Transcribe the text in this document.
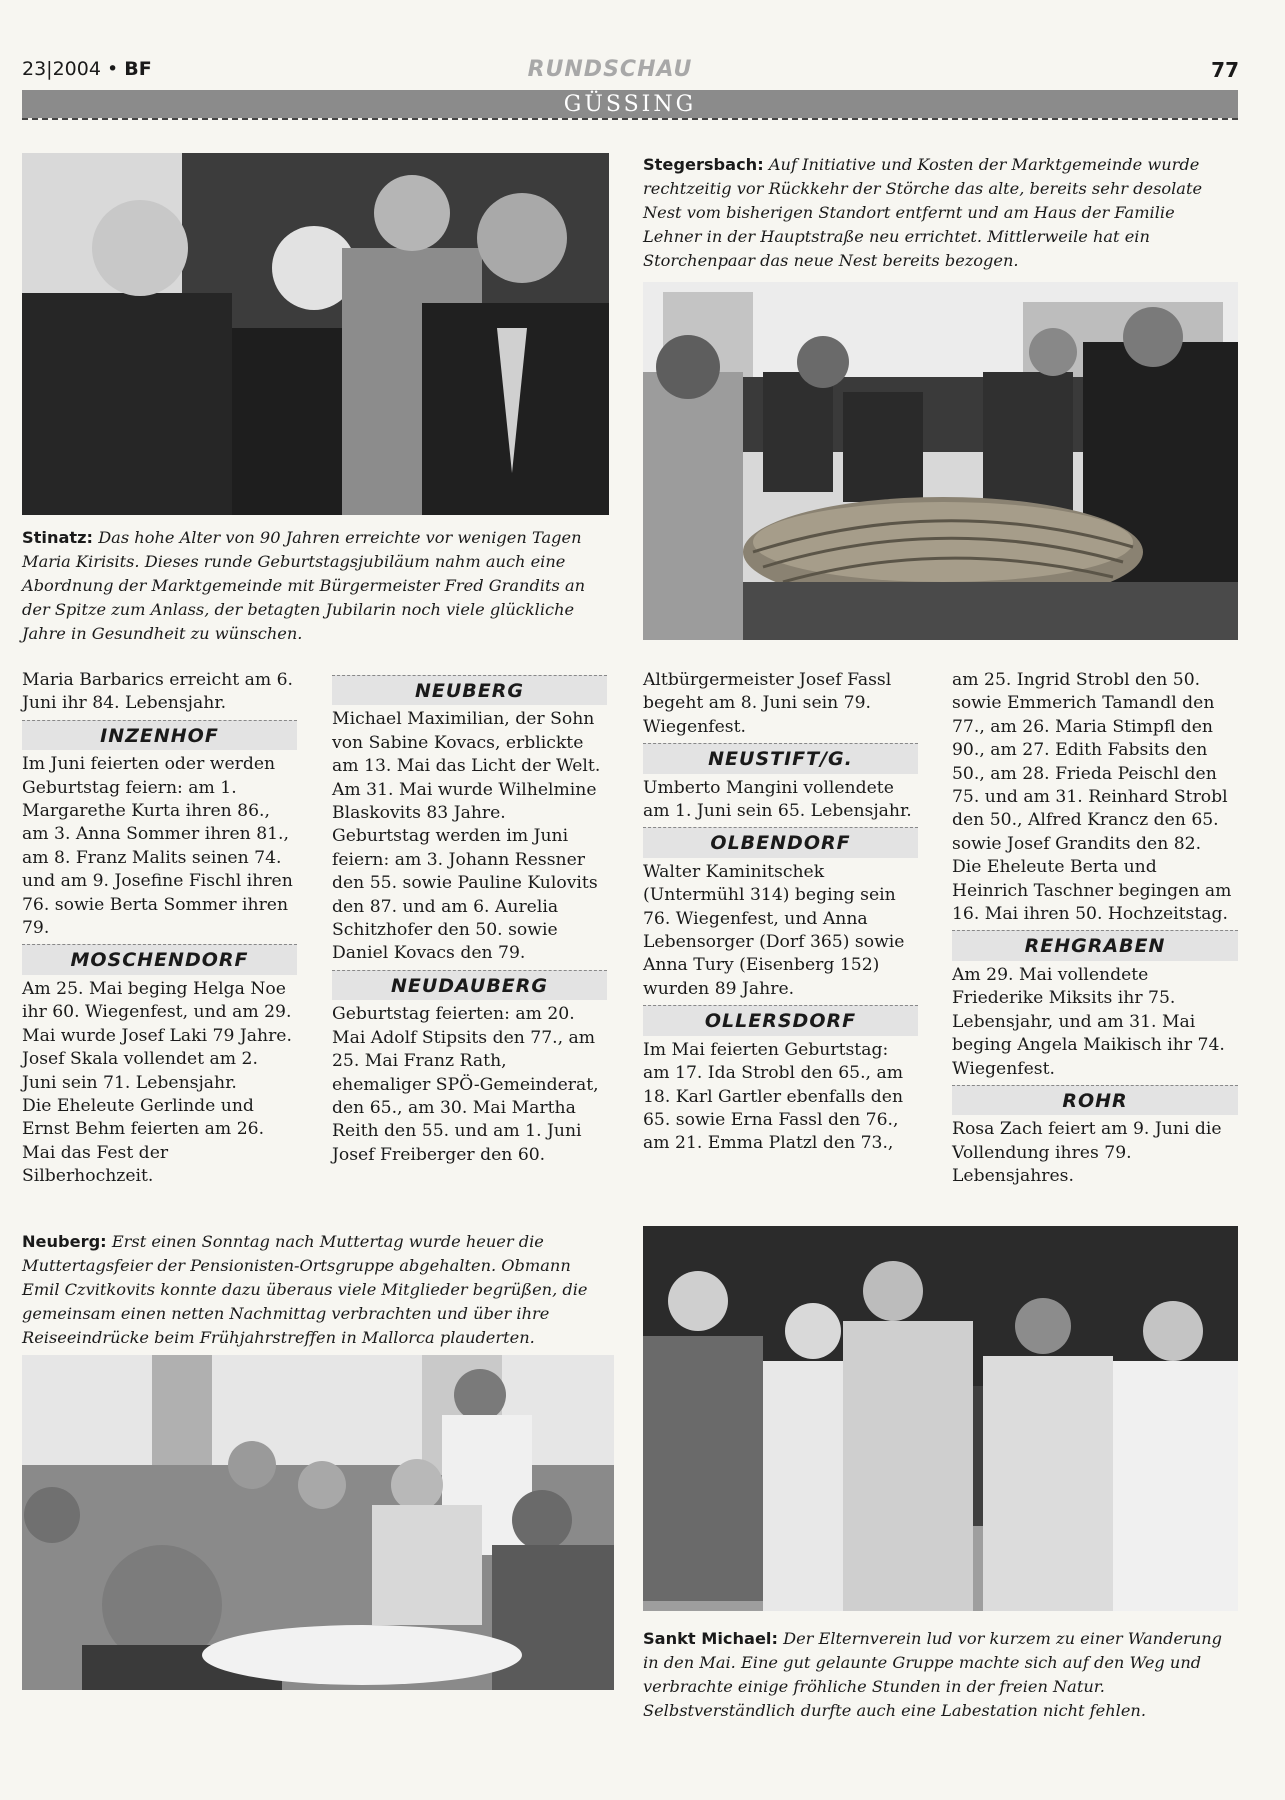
23|2004 • BF	RUNDSCHAU	77
GÜSSING
Stinatz: Das hohe Alter von 90 Jahren erreichte vor wenigen Tagen Maria Kirisits. Dieses runde Geburtstagsjubiläum nahm auch eine Abordnung der Marktgemeinde mit Bürgermeister Fred Grandits an der Spitze zum Anlass, der betagten Jubilarin noch viele glückliche Jahre in Gesundheit zu wünschen.
Stegersbach: Auf Initiative und Kosten der Marktgemeinde wurde rechtzeitig vor Rückkehr der Störche das alte, bereits sehr desolate Nest vom bisherigen Standort entfernt und am Haus der Familie Lehner in der Hauptstraße neu errichtet. Mittlerweile hat ein Storchenpaar das neue Nest bereits bezogen.

Maria Barbarics erreicht am 6. Juni ihr 84. Lebensjahr.

INZENHOF

Im Juni feierten oder werden Geburtstag feiern: am 1. Margarethe Kurta ihren 86., am 3. Anna Sommer ihren 81., am 8. Franz Malits seinen 74. und am 9. Josefine Fischl ihren 76. sowie Berta Sommer ihren 79.

MOSCHENDORF

Am 25. Mai beging Helga Noe ihr 60. Wiegenfest, und am 29. Mai wurde Josef Laki 79 Jahre.

Josef Skala vollendet am 2. Juni sein 71. Lebensjahr.

Die Eheleute Gerlinde und Ernst Behm feierten am 26. Mai das Fest der Silberhochzeit.

NEUBERG

Michael Maximilian, der Sohn von Sabine Kovacs, erblickte am 13. Mai das Licht der Welt.

Am 31. Mai wurde Wilhelmine Blaskovits 83 Jahre.

Geburtstag werden im Juni feiern: am 3. Johann Ressner den 55. sowie Pauline Kulovits den 87. und am 6. Aurelia Schitzhofer den 50. sowie Daniel Kovacs den 79.

NEUDAUBERG

Geburtstag feierten: am 20. Mai Adolf Stipsits den 77., am 25. Mai Franz Rath, ehemaliger SPÖ-Gemeinderat, den 65., am 30. Mai Martha Reith den 55. und am 1. Juni Josef Freiberger den 60.

Altbürgermeister Josef Fassl begeht am 8. Juni sein 79. Wiegenfest.

NEUSTIFT/G.

Umberto Mangini vollendete am 1. Juni sein 65. Lebensjahr.

OLBENDORF

Walter Kaminitschek (Untermühl 314) beging sein 76. Wiegenfest, und Anna Lebensorger (Dorf 365) sowie Anna Tury (Eisenberg 152) wurden 89 Jahre.

OLLERSDORF

Im Mai feierten Geburtstag: am 17. Ida Strobl den 65., am 18. Karl Gartler ebenfalls den 65. sowie Erna Fassl den 76., am 21. Emma Platzl den 73.,

am 25. Ingrid Strobl den 50. sowie Emmerich Tamandl den 77., am 26. Maria Stimpfl den 90., am 27. Edith Fabsits den 50., am 28. Frieda Peischl den 75. und am 31. Reinhard Strobl den 50., Alfred Krancz den 65. sowie Josef Grandits den 82.

Die Eheleute Berta und Heinrich Taschner begingen am 16. Mai ihren 50. Hochzeitstag.

REHGRABEN

Am 29. Mai vollendete Friederike Miksits ihr 75. Lebensjahr, und am 31. Mai beging Angela Maikisch ihr 74. Wiegenfest.

ROHR

Rosa Zach feiert am 9. Juni die Vollendung ihres 79. Lebensjahres.

Neuberg: Erst einen Sonntag nach Muttertag wurde heuer die Muttertagsfeier der Pensionisten-Ortsgruppe abgehalten. Obmann Emil Czvitkovits konnte dazu überaus viele Mitglieder begrüßen, die gemeinsam einen netten Nachmittag verbrachten und über ihre Reiseeindrücke beim Frühjahrstreffen in Mallorca plauderten.
Sankt Michael: Der Elternverein lud vor kurzem zu einer Wanderung in den Mai. Eine gut gelaunte Gruppe machte sich auf den Weg und verbrachte einige fröhliche Stunden in der freien Natur. Selbstverständlich durfte auch eine Labestation nicht fehlen.
